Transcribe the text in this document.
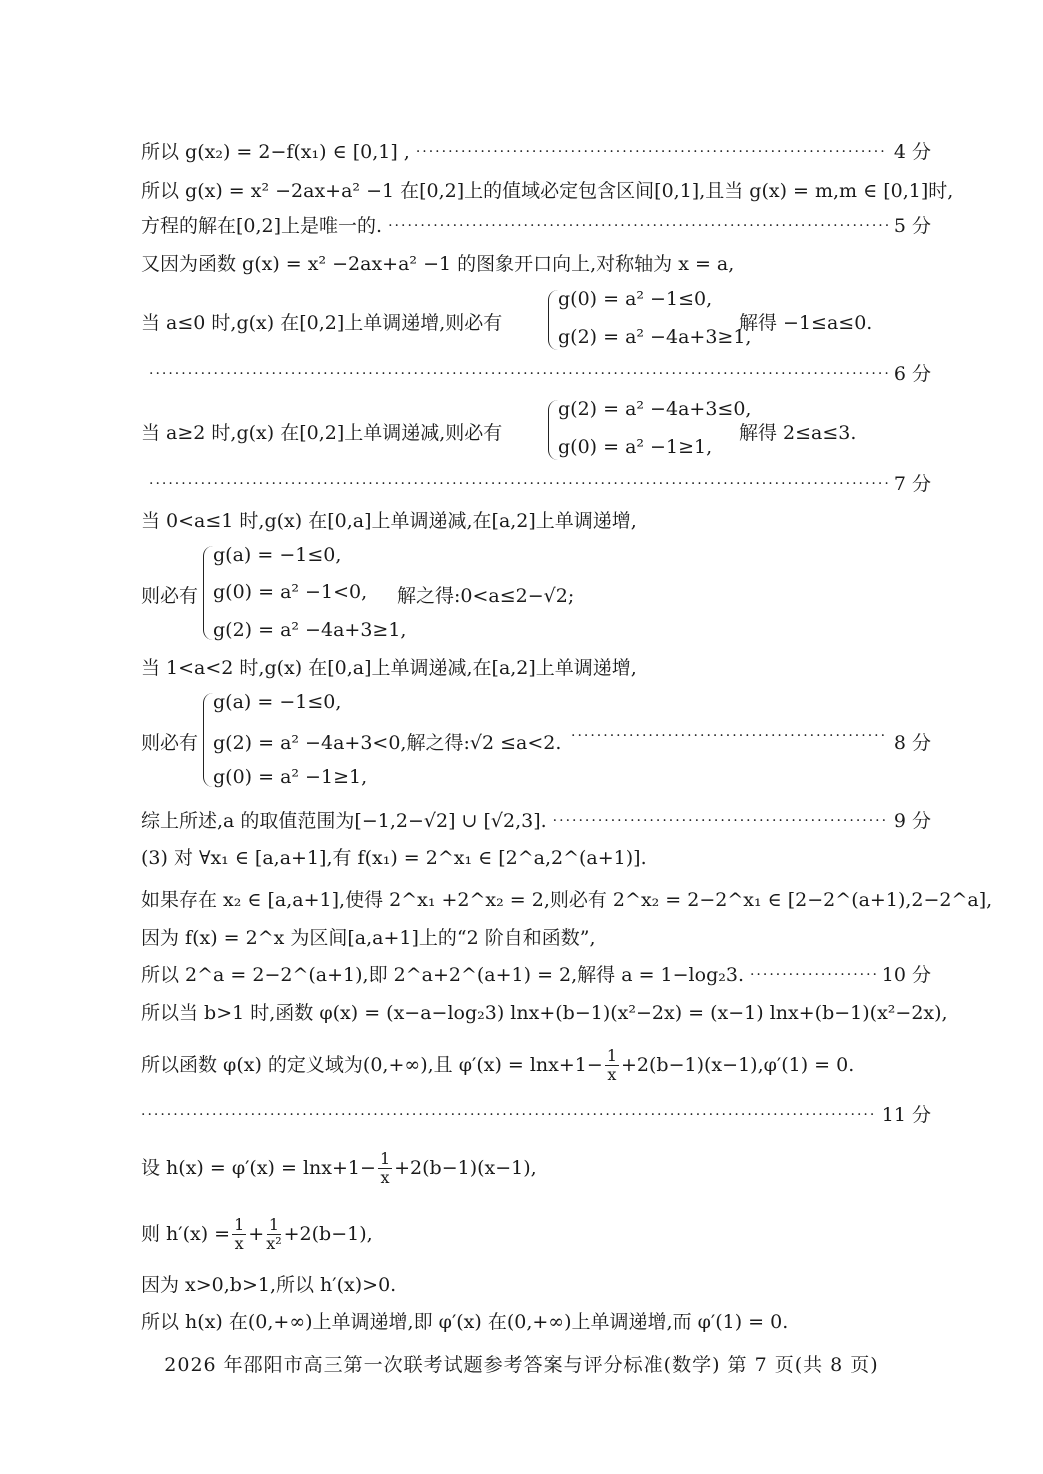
所以 g(x₂) = 2−f(x₁) ∈ [0,1] , ·····	4 分
所以 g(x) = x² −2ax+a² −1 在[0,2]上的值域必定包含区间[0,1],且当 g(x) = m,m ∈ [0,1]时,
方程的解在[0,2]上是唯一的. ·····	5 分
又因为函数 g(x) = x² −2ax+a² −1 的图象开口向上,对称轴为 x = a,
当 a≤0 时,g(x) 在[0,2]上单调递增,则必有
g(0) = a² −1≤0,
g(2) = a² −4a+3≥1,
解得 −1≤a≤0.
·····
6 分
当 a≥2 时,g(x) 在[0,2]上单调递减,则必有
g(2) = a² −4a+3≤0,
g(0) = a² −1≥1,
解得 2≤a≤3.
·····
7 分
当 0<a≤1 时,g(x) 在[0,a]上单调递减,在[a,2]上单调递增,
则必有
g(a) = −1≤0,
g(0) = a² −1<0,
g(2) = a² −4a+3≥1,
解之得:0<a≤2−√2;
当 1<a<2 时,g(x) 在[0,a]上单调递减,在[a,2]上单调递增,
则必有
g(a) = −1≤0,
g(2) = a² −4a+3<0,解之得:√2 ≤a<2.
g(0) = a² −1≥1,
·····
8 分
综上所述,a 的取值范围为[−1,2−√2] ∪ [√2,3]. ·····	9 分
(3) 对 ∀x₁ ∈ [a,a+1],有 f(x₁) = 2^x₁ ∈ [2^a,2^(a+1)].
如果存在 x₂ ∈ [a,a+1],使得 2^x₁ +2^x₂ = 2,则必有 2^x₂ = 2−2^x₁ ∈ [2−2^(a+1),2−2^a],
因为 f(x) = 2^x 为区间[a,a+1]上的“2 阶自和函数”,
所以 2^a = 2−2^(a+1),即 2^a+2^(a+1) = 2,解得 a = 1−log₂3. ·····	10 分
所以当 b>1 时,函数 φ(x) = (x−a−log₂3) lnx+(b−1)(x²−2x) = (x−1) lnx+(b−1)(x²−2x),
所以函数 φ(x) 的定义域为(0,+∞),且 $\varphi'(x) = \ln x+1- \frac{1}{x} +2(b-1)(x-1),\varphi'(1) = 0$.
·····
11 分
设 $h(x) = \varphi'(x) = \ln x+1- \frac{1}{x} +2(b-1)(x-1)$,
则 $h'(x) = \frac{1}{x} + \frac{1}{\text{x²}} +2(b-1)$,
因为 x>0,b>1,所以 h′(x)>0.
所以 h(x) 在(0,+∞)上单调递增,即 φ′(x) 在(0,+∞)上单调递增,而 φ′(1) = 0.
2026 年邵阳市高三第一次联考试题参考答案与评分标准(数学) 第 7 页(共 8 页)
